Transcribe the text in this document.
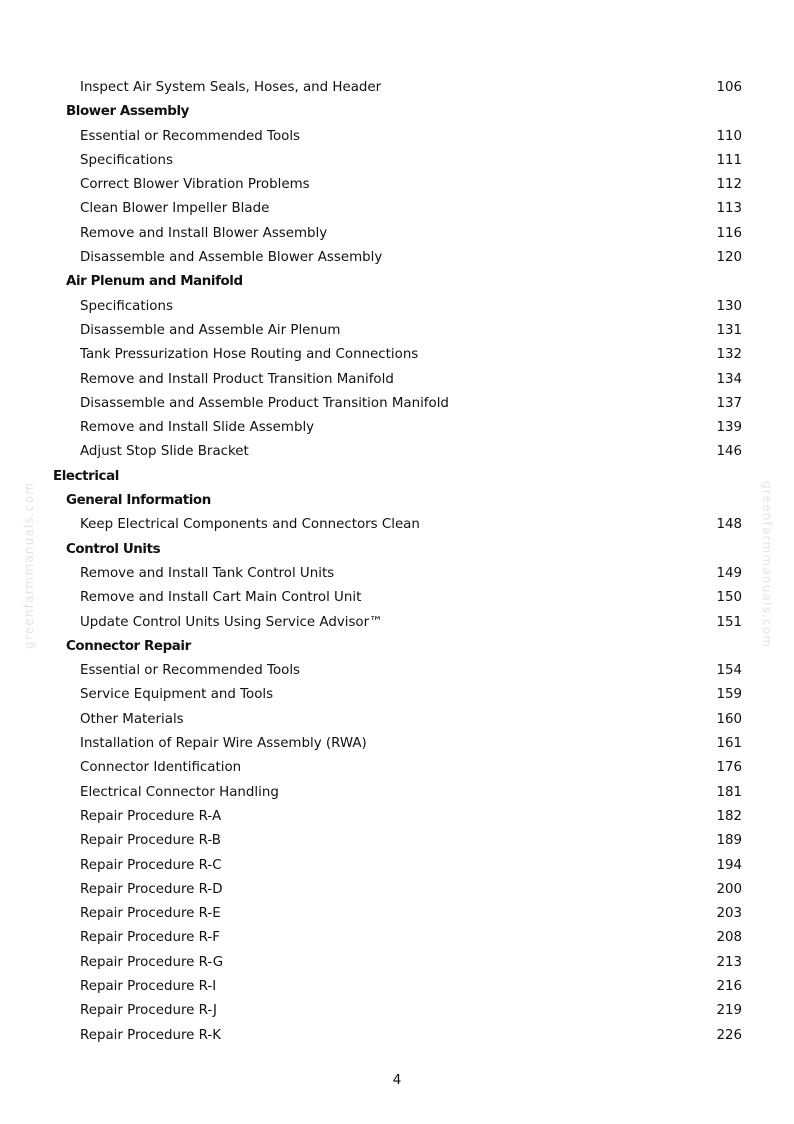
greenfarmmanuals.com	greenfarmmanuals.com
Inspect Air System Seals, Hoses, and Header	106
Blower Assembly
Essential or Recommended Tools	110
Specifications	111
Correct Blower Vibration Problems	112
Clean Blower Impeller Blade	113
Remove and Install Blower Assembly	116
Disassemble and Assemble Blower Assembly	120
Air Plenum and Manifold
Specifications	130
Disassemble and Assemble Air Plenum	131
Tank Pressurization Hose Routing and Connections	132
Remove and Install Product Transition Manifold	134
Disassemble and Assemble Product Transition Manifold	137
Remove and Install Slide Assembly	139
Adjust Stop Slide Bracket	146
Electrical
General Information
Keep Electrical Components and Connectors Clean	148
Control Units
Remove and Install Tank Control Units	149
Remove and Install Cart Main Control Unit	150
Update Control Units Using Service Advisor™	151
Connector Repair
Essential or Recommended Tools	154
Service Equipment and Tools	159
Other Materials	160
Installation of Repair Wire Assembly (RWA)	161
Connector Identification	176
Electrical Connector Handling	181
Repair Procedure R-A	182
Repair Procedure R-B	189
Repair Procedure R-C	194
Repair Procedure R-D	200
Repair Procedure R-E	203
Repair Procedure R-F	208
Repair Procedure R-G	213
Repair Procedure R-I	216
Repair Procedure R-J	219
Repair Procedure R-K	226
4
